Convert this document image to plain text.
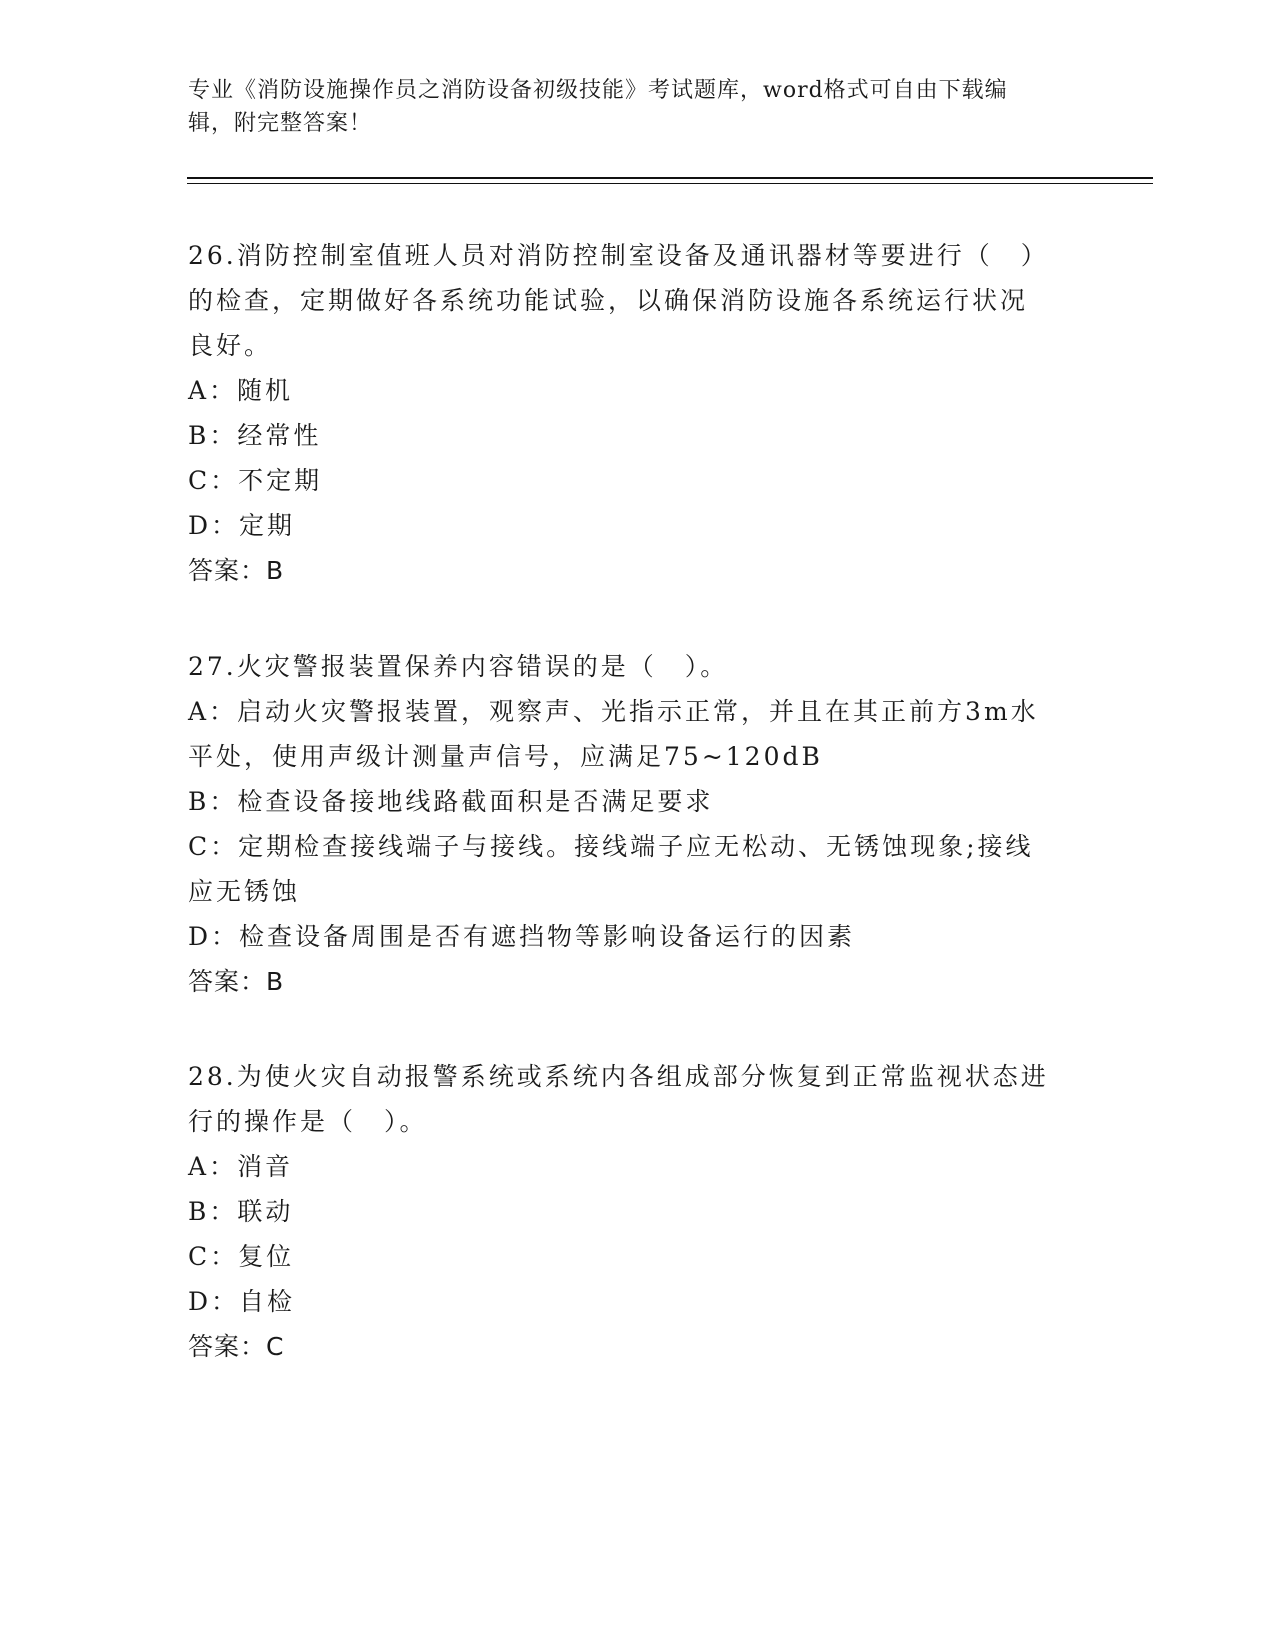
专业《消防设施操作员之消防设备初级技能》考试题库，word格式可自由下载编
辑，附完整答案！
26.消防控制室值班人员对消防控制室设备及通讯器材等要进行（　）
的检查，定期做好各系统功能试验，以确保消防设施各系统运行状况
良好。
A：随机
B：经常性
C：不定期
D：定期
答案：B
27.火灾警报装置保养内容错误的是（　）。
A：启动火灾警报装置，观察声、光指示正常，并且在其正前方3m水
平处，使用声级计测量声信号，应满足75~120dB
B：检查设备接地线路截面积是否满足要求
C：定期检查接线端子与接线。接线端子应无松动、无锈蚀现象;接线
应无锈蚀
D：检查设备周围是否有遮挡物等影响设备运行的因素
答案：B
28.为使火灾自动报警系统或系统内各组成部分恢复到正常监视状态进
行的操作是（　）。
A：消音
B：联动
C：复位
D：自检
答案：C
